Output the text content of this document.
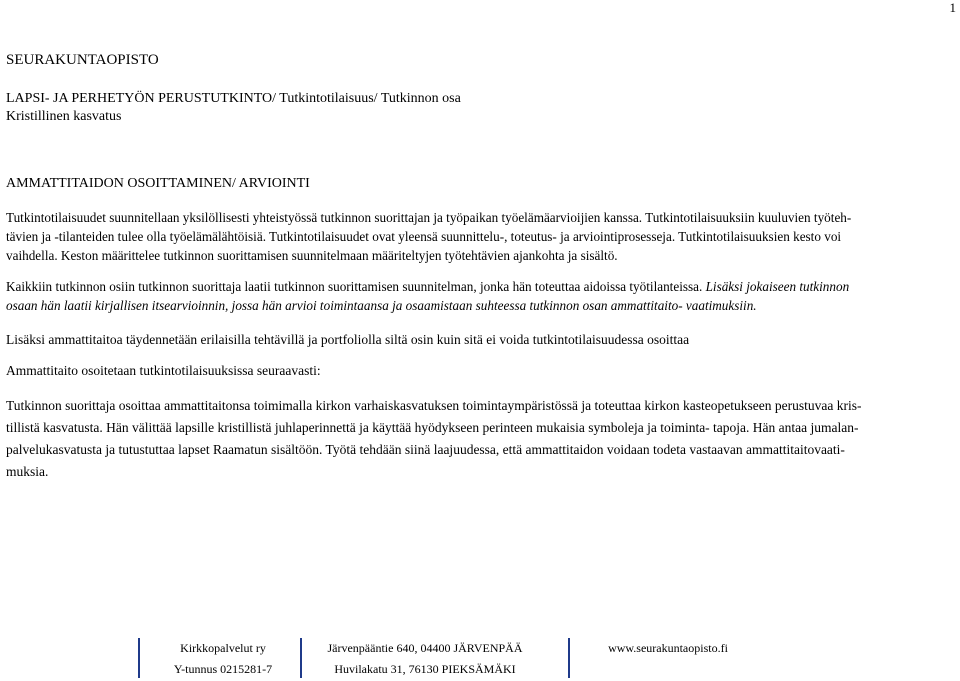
1
SEURAKUNTAOPISTO
LAPSI- JA PERHETYÖN PERUSTUTKINTO/ Tutkintotilaisuus/ Tutkinnon osa
Kristillinen kasvatus
AMMATTITAIDON OSOITTAMINEN/ ARVIOINTI
Tutkintotilaisuudet suunnitellaan yksilöllisesti yhteistyössä tutkinnon suorittajan ja työpaikan työelämäarvioijien kanssa. Tutkintotilaisuuksiin kuuluvien työteh-
tävien ja -tilanteiden tulee olla työelämälähtöisiä. Tutkintotilaisuudet ovat yleensä suunnittelu-, toteutus- ja arviointiprosesseja. Tutkintotilaisuuksien kesto voi
vaihdella. Keston määrittelee tutkinnon suorittamisen suunnitelmaan määriteltyjen työtehtävien ajankohta ja sisältö.
Kaikkiin tutkinnon osiin tutkinnon suorittaja laatii tutkinnon suorittamisen suunnitelman, jonka hän toteuttaa aidoissa työtilanteissa. Lisäksi jokaiseen tutkinnon
osaan hän laatii kirjallisen itsearvioinnin, jossa hän arvioi toimintaansa ja osaamistaan suhteessa tutkinnon osan ammattitaito- vaatimuksiin.
Lisäksi ammattitaitoa täydennetään erilaisilla tehtävillä ja portfoliolla siltä osin kuin sitä ei voida tutkintotilaisuudessa osoittaa
Ammattitaito osoitetaan tutkintotilaisuuksissa seuraavasti:
Tutkinnon suorittaja osoittaa ammattitaitonsa toimimalla kirkon varhaiskasvatuksen toimintaympäristössä ja toteuttaa kirkon kasteopetukseen perustuvaa kris-
tillistä kasvatusta. Hän välittää lapsille kristillistä juhlaperinnettä ja käyttää hyödykseen perinteen mukaisia symboleja ja toiminta- tapoja. Hän antaa jumalan-
palvelukasvatusta ja tutustuttaa lapset Raamatun sisältöön. Työtä tehdään siinä laajuudessa, että ammattitaidon voidaan todeta vastaavan ammattitaitovaati-
muksia.
Kirkkopalvelut ry
Y-tunnus 0215281-7
Järvenpääntie 640, 04400 JÄRVENPÄÄ
Huvilakatu 31, 76130 PIEKSÄMÄKI
www.seurakuntaopisto.fi
